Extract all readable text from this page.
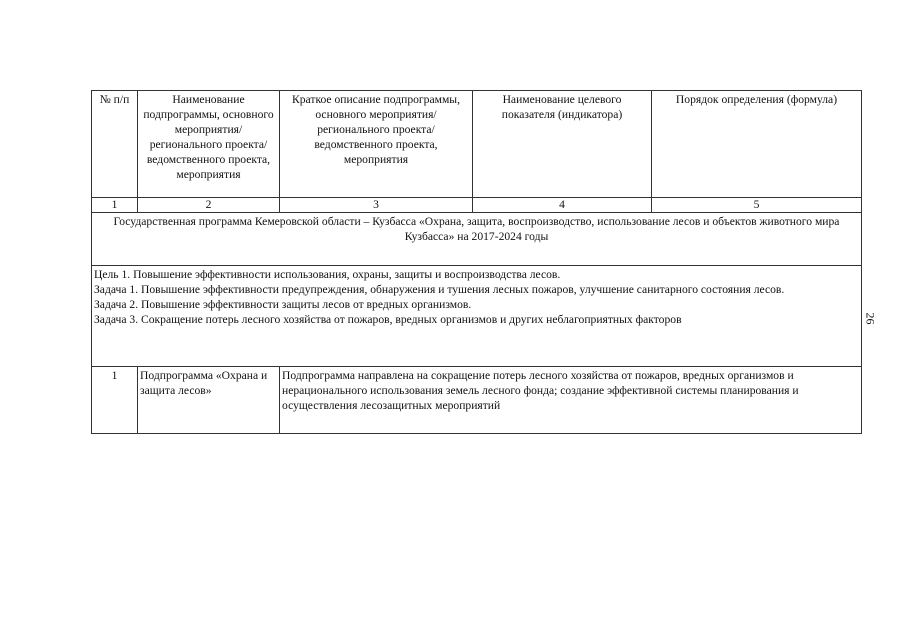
№ п/п	Наименование подпрограммы, основного мероприятия/ регионального проекта/ ведомственного проекта, мероприятия	Краткое описание подпрограммы, основного мероприятия/регионального проекта/ведомственного проекта, мероприятия	Наименование целевого показателя (индикатора)	Порядок определения (формула)
1	2	3	4	5
Государственная программа Кемеровской области – Кузбасса «Охрана, защита, воспроизводство, использование лесов и объектов животного мира Кузбасса» на 2017-2024 годы				

Цель 1. Повышение эффективности использования, охраны, защиты и воспроизводства лесов.
Задача 1. Повышение эффективности предупреждения, обнаружения и тушения лесных пожаров, улучшение санитарного состояния лесов.
Задача 2. Повышение эффективности защиты лесов от вредных организмов.
Задача 3. Сокращение потерь лесного хозяйства от пожаров, вредных организмов и других неблагоприятных факторов				

1	Подпрограмма «Охрана и защита лесов»	Подпрограмма направлена на сокращение потерь лесного хозяйства от пожаров, вредных организмов и нерационального использования земель лесного фонда; создание эффективной системы планирования и осуществления лесозащитных мероприятий		
26
